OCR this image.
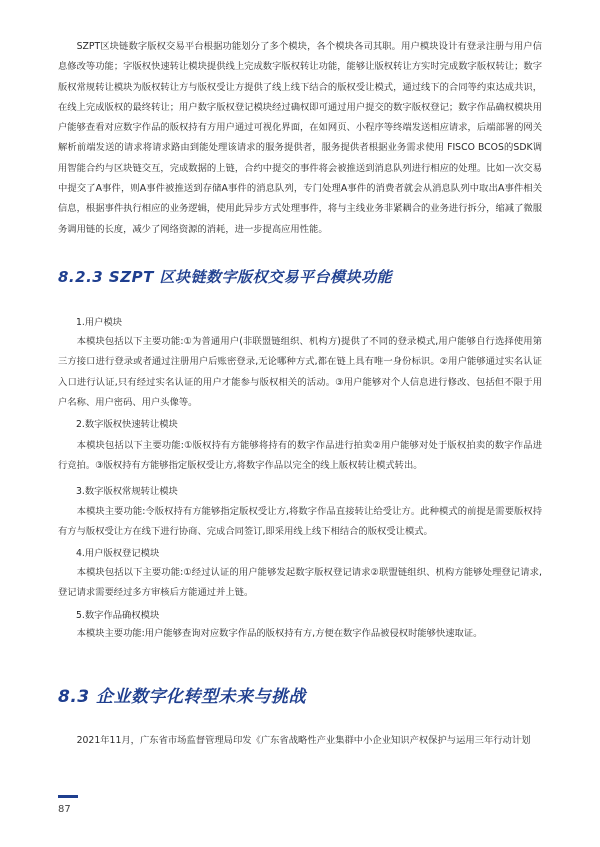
SZPT区块链数字版权交易平台根据功能划分了多个模块，各个模块各司其职。用户模块设计有登录注册与用户信息修改等功能；字版权快速转让模块提供线上完成数字版权转让功能，能够让版权转让方实时完成数字版权转让；数字版权常规转让模块为版权转让方与版权受让方提供了线上线下结合的版权受让模式，通过线下的合同等约束达成共识，在线上完成版权的最终转让；用户数字版权登记模块经过确权即可通过用户提交的数字版权登记；数字作品确权模块用户能够查看对应数字作品的版权持有方用户通过可视化界面，在如网页、小程序等终端发送相应请求，后端部署的网关解析前端发送的请求将请求路由到能处理该请求的服务提供者，服务提供者根据业务需求使用 FISCO BCOS的SDK调用智能合约与区块链交互，完成数据的上链，合约中提交的事件将会被推送到消息队列进行相应的处理。比如一次交易中提交了A事件，则A事件被推送到存储A事件的消息队列，专门处理A事件的消费者就会从消息队列中取出A事件相关信息，根据事件执行相应的业务逻辑，使用此异步方式处理事件，将与主线业务非紧耦合的业务进行拆分，缩减了微服务调用链的长度，减少了网络资源的消耗，进一步提高应用性能。

8.2.3 SZPT 区块链数字版权交易平台模块功能

1.用户模块

本模块包括以下主要功能:①为普通用户(非联盟链组织、机构方)提供了不同的登录模式,用户能够自行选择使用第三方接口进行登录或者通过注册用户后账密登录,无论哪种方式,都在链上具有唯一身份标识。②用户能够通过实名认证入口进行认证,只有经过实名认证的用户才能参与版权相关的活动。③用户能够对个人信息进行修改、包括但不限于用户名称、用户密码、用户头像等。

2.数字版权快速转让模块

本模块包括以下主要功能:①版权持有方能够将持有的数字作品进行拍卖②用户能够对处于版权拍卖的数字作品进行竞拍。③版权持有方能够指定版权受让方,将数字作品以完全的线上版权转让模式转出。

3.数字版权常规转让模块

本模块主要功能:令版权持有方能够指定版权受让方,将数字作品直接转让给受让方。此种模式的前提是需要版权持有方与版权受让方在线下进行协商、完成合同签订,即采用线上线下相结合的版权受让模式。

4.用户版权登记模块

本模块包括以下主要功能:①经过认证的用户能够发起数字版权登记请求②联盟链组织、机构方能够处理登记请求,登记请求需要经过多方审核后方能通过并上链。

5.数字作品确权模块

本模块主要功能:用户能够查询对应数字作品的版权持有方,方便在数字作品被侵权时能够快速取证。

8.3 企业数字化转型未来与挑战

2021年11月，广东省市场监督管理局印发《广东省战略性产业集群中小企业知识产权保护与运用三年行动计划

87
